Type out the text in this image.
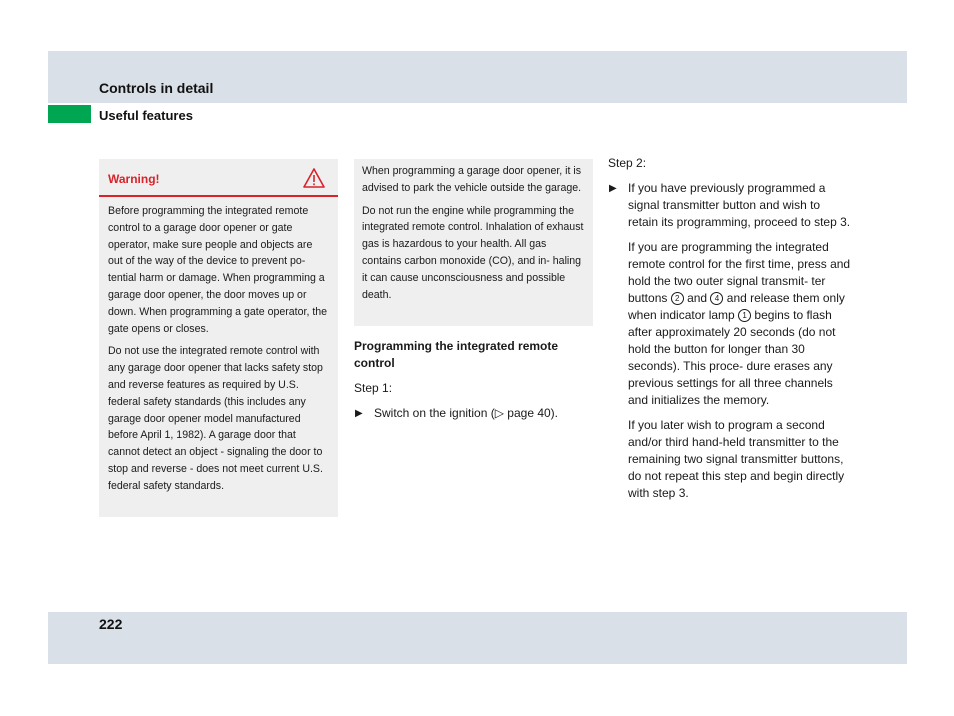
Controls in detail
Useful features
Warning!

Before programming the integrated remote control to a garage door opener or gate operator, make sure people and objects are out of the way of the device to prevent po- tential harm or damage. When programming a garage door opener, the door moves up or down. When programming a gate operator, the gate opens or closes.

Do not use the integrated remote control with any garage door opener that lacks safety stop and reverse features as required by U.S. federal safety standards (this includes any garage door opener model manufactured before April 1, 1982). A garage door that cannot detect an object - signaling the door to stop and reverse - does not meet current U.S. federal safety standards.

When programming a garage door opener, it is advised to park the vehicle outside the garage.

Do not run the engine while programming the integrated remote control. Inhalation of exhaust gas is hazardous to your health. All gas contains carbon monoxide (CO), and in- haling it can cause unconsciousness and possible death.

Programming the integrated remote control

Step 1:

▶ Switch on the ignition (▷ page 40).

Step 2:

▶ If you have previously programmed a signal transmitter button and wish to retain its programming, proceed to step 3.

If you are programming the integrated remote control for the first time, press and hold the two outer signal transmit- ter buttons 2 and 4 and release them only when indicator lamp 1 begins to flash after approximately 20 seconds (do not hold the button for longer than 30 seconds). This proce- dure erases any previous settings for all three channels and initializes the memory.

If you later wish to program a second and/or third hand-held transmitter to the remaining two signal transmitter buttons, do not repeat this step and begin directly with step 3.

222
